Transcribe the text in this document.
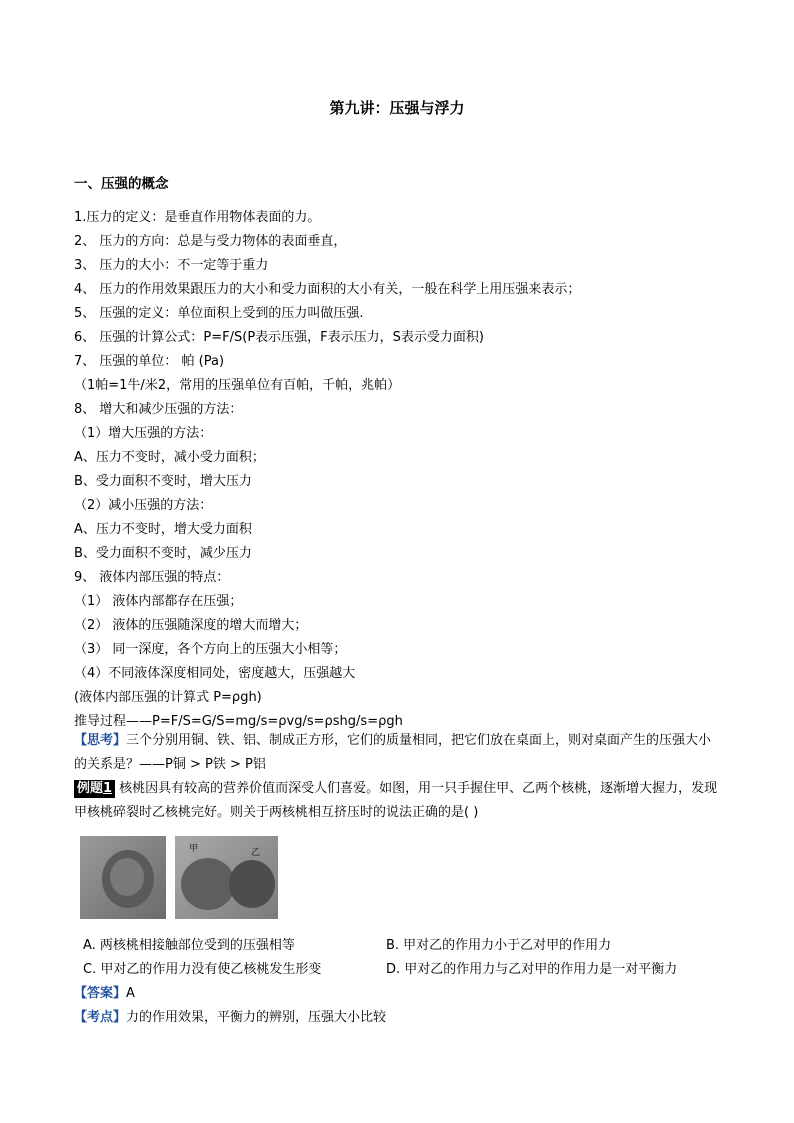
第九讲：压强与浮力
一、压强的概念
1.压力的定义：是垂直作用物体表面的力。
2、 压力的方向：总是与受力物体的表面垂直，
3、 压力的大小：不一定等于重力
4、 压力的作用效果跟压力的大小和受力面积的大小有关，一般在科学上用压强来表示；
5、 压强的定义：单位面积上受到的压力叫做压强.
6、 压强的计算公式：P=F/S(P表示压强，F表示压力，S表示受力面积)
7、 压强的单位： 帕 (Pa)
（1帕=1牛/米2，常用的压强单位有百帕，千帕，兆帕）
8、 增大和减少压强的方法：
（1）增大压强的方法：
A、压力不变时，减小受力面积；
B、受力面积不变时，增大压力
（2）减小压强的方法：
A、压力不变时，增大受力面积
B、受力面积不变时，减少压力
9、 液体内部压强的特点：
（1） 液体内部都存在压强；
（2） 液体的压强随深度的增大而增大；
（3） 同一深度，各个方向上的压强大小相等；
（4）不同液体深度相同处，密度越大，压强越大
(液体内部压强的计算式 P=ρgh)
推导过程——P=F/S=G/S=mg/s=ρvg/s=ρshg/s=ρgh
【思考】三个分别用铜、铁、铝、制成正方形，它们的质量相同，把它们放在桌面上，则对桌面产生的压强大小的关系是？——P铜 > P铁 > P铝
例题1 核桃因具有较高的营养价值而深受人们喜爱。如图，用一只手握住甲、乙两个核桃，逐渐增大握力，发现甲核桃碎裂时乙核桃完好。则关于两核桃相互挤压时的说法正确的是( )
甲	乙
A. 两核桃相接触部位受到的压强相等	B. 甲对乙的作用力小于乙对甲的作用力
C. 甲对乙的作用力没有使乙核桃发生形变	D. 甲对乙的作用力与乙对甲的作用力是一对平衡力
【答案】A
【考点】力的作用效果，平衡力的辨别，压强大小比较
